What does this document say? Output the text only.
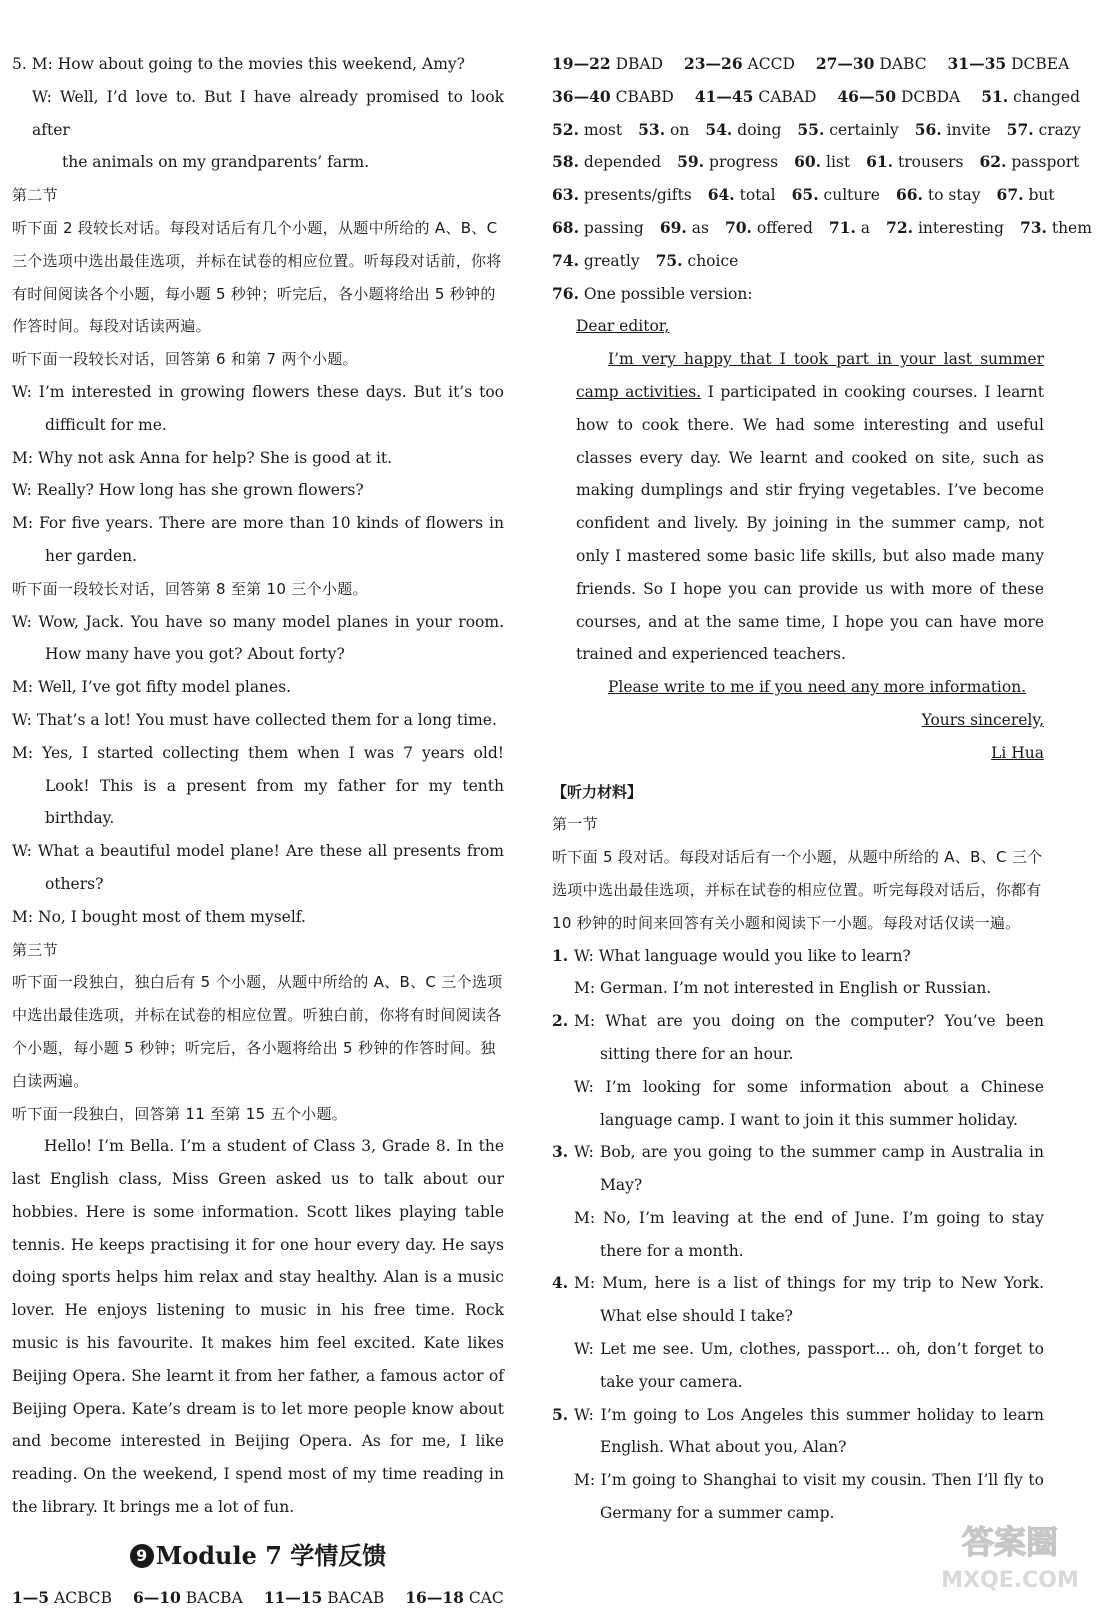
5. M: How about going to the movies this weekend, Amy?

W: Well, I’d love to. But I have already promised to look after

the animals on my grandparents’ farm.

第二节

听下面 2 段较长对话。每段对话后有几个小题，从题中所给的 A、B、C 三个选项中选出最佳选项，并标在试卷的相应位置。听每段对话前，你将有时间阅读各个小题，每小题 5 秒钟；听完后，各小题将给出 5 秒钟的作答时间。每段对话读两遍。

听下面一段较长对话，回答第 6 和第 7 两个小题。

W: I’m interested in growing flowers these days. But it’s too difficult for me.

M: Why not ask Anna for help? She is good at it.

W: Really? How long has she grown flowers?

M: For five years. There are more than 10 kinds of flowers in her garden.

听下面一段较长对话，回答第 8 至第 10 三个小题。

W: Wow, Jack. You have so many model planes in your room. How many have you got? About forty?

M: Well, I’ve got fifty model planes.

W: That’s a lot! You must have collected them for a long time.

M: Yes, I started collecting them when I was 7 years old! Look! This is a present from my father for my tenth birthday.

W: What a beautiful model plane! Are these all presents from others?

M: No, I bought most of them myself.

第三节

听下面一段独白，独白后有 5 个小题，从题中所给的 A、B、C 三个选项中选出最佳选项，并标在试卷的相应位置。听独白前，你将有时间阅读各个小题，每小题 5 秒钟；听完后，各小题将给出 5 秒钟的作答时间。独白读两遍。

听下面一段独白，回答第 11 至第 15 五个小题。

Hello! I’m Bella. I’m a student of Class 3, Grade 8. In the last English class, Miss Green asked us to talk about our hobbies. Here is some information. Scott likes playing table tennis. He keeps practising it for one hour every day. He says doing sports helps him relax and stay healthy. Alan is a music lover. He enjoys listening to music in his free time. Rock music is his favourite. It makes him feel excited. Kate likes Beijing Opera. She learnt it from her father, a famous actor of Beijing Opera. Kate’s dream is to let more people know about and become interested in Beijing Opera. As for me, I like reading. On the weekend, I spend most of my time reading in the library. It brings me a lot of fun.

9 Module 7 学情反馈

1—5 ACBCB 6—10 BACBA 11—15 BACAB 16—18 CAC

19—22 DBAD 23—26 ACCD 27—30 DABC 31—35 DCBEA

36—40 CBABD 41—45 CABAD 46—50 DCBDA 51. changed

52. most 53. on 54. doing 55. certainly 56. invite 57. crazy

58. depended 59. progress 60. list 61. trousers 62. passport

63. presents/gifts 64. total 65. culture 66. to stay 67. but

68. passing 69. as 70. offered 71. a 72. interesting 73. them

74. greatly 75. choice

76. One possible version:

Dear editor,

I’m very happy that I took part in your last summer camp activities. I participated in cooking courses. I learnt how to cook there. We had some interesting and useful classes every day. We learnt and cooked on site, such as making dumplings and stir frying vegetables. I’ve become confident and lively. By joining in the summer camp, not only I mastered some basic life skills, but also made many friends. So I hope you can provide us with more of these courses, and at the same time, I hope you can have more trained and experienced teachers.

Please write to me if you need any more information.

Yours sincerely,

Li Hua

【听力材料】

第一节

听下面 5 段对话。每段对话后有一个小题，从题中所给的 A、B、C 三个选项中选出最佳选项，并标在试卷的相应位置。听完每段对话后，你都有 10 秒钟的时间来回答有关小题和阅读下一小题。每段对话仅读一遍。

1. W: What language would you like to learn?

M: German. I’m not interested in English or Russian.

2. M: What are you doing on the computer? You’ve been sitting there for an hour.

W: I’m looking for some information about a Chinese language camp. I want to join it this summer holiday.

3. W: Bob, are you going to the summer camp in Australia in May?

M: No, I’m leaving at the end of June. I’m going to stay there for a month.

4. M: Mum, here is a list of things for my trip to New York. What else should I take?

W: Let me see. Um, clothes, passport... oh, don’t forget to take your camera.

5. W: I’m going to Los Angeles this summer holiday to learn English. What about you, Alan?

M: I’m going to Shanghai to visit my cousin. Then I’ll fly to Germany for a summer camp.

答案圈
MXQE.COM
